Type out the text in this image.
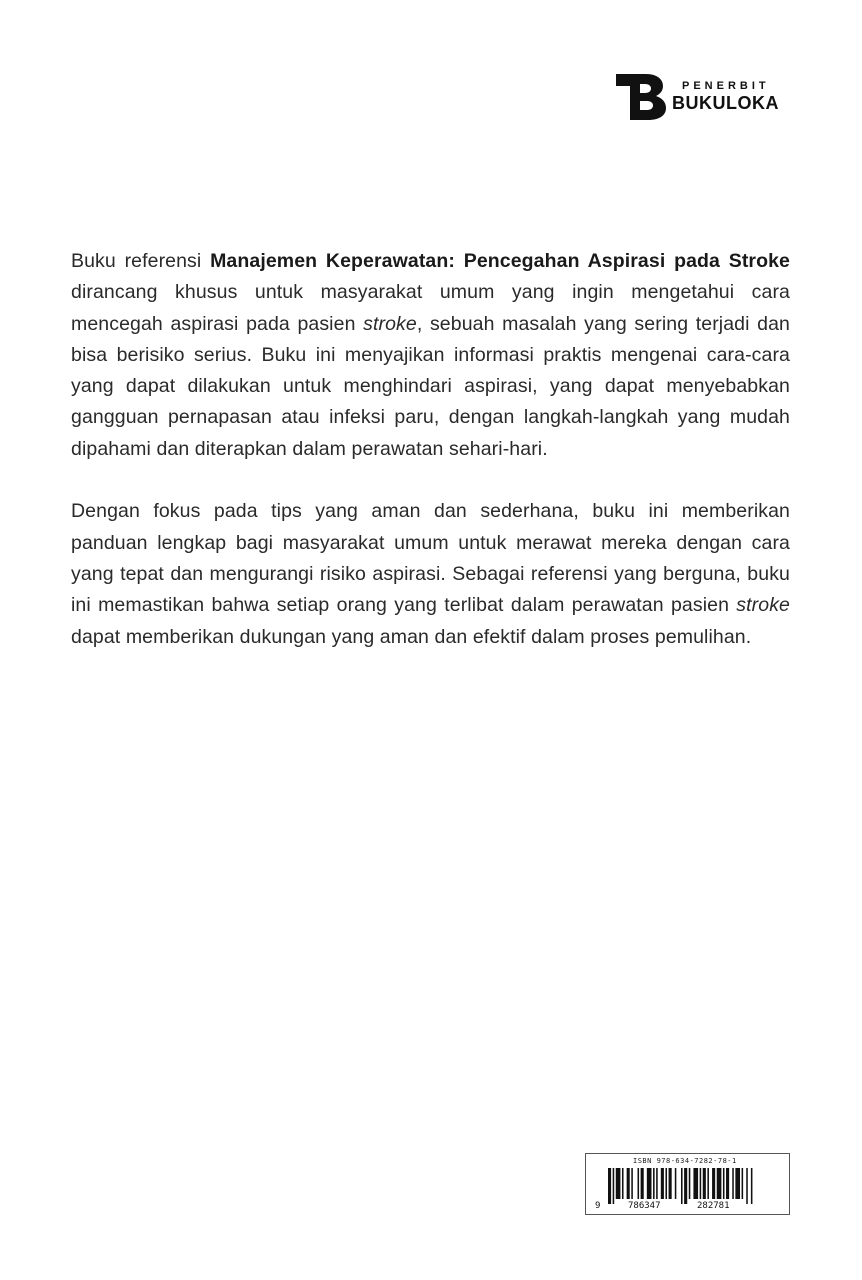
PENERBIT
BUKULOKA

Buku referensi Manajemen Keperawatan: Pencegahan Aspirasi pada Stroke dirancang khusus untuk masyarakat umum yang ingin mengetahui cara mencegah aspirasi pada pasien stroke, sebuah masalah yang sering terjadi dan bisa berisiko serius. Buku ini menyajikan informasi praktis mengenai cara-cara yang dapat dilakukan untuk menghindari aspirasi, yang dapat menyebabkan gangguan pernapasan atau infeksi paru, dengan langkah-langkah yang mudah dipahami dan diterapkan dalam perawatan sehari-hari.

Dengan fokus pada tips yang aman dan sederhana, buku ini memberikan panduan lengkap bagi masyarakat umum untuk merawat mereka dengan cara yang tepat dan mengurangi risiko aspirasi. Sebagai referensi yang berguna, buku ini memastikan bahwa setiap orang yang terlibat dalam perawatan pasien stroke dapat memberikan dukungan yang aman dan efektif dalam proses pemulihan.

ISBN 978-634-7282-78-1
9	786347	282781
